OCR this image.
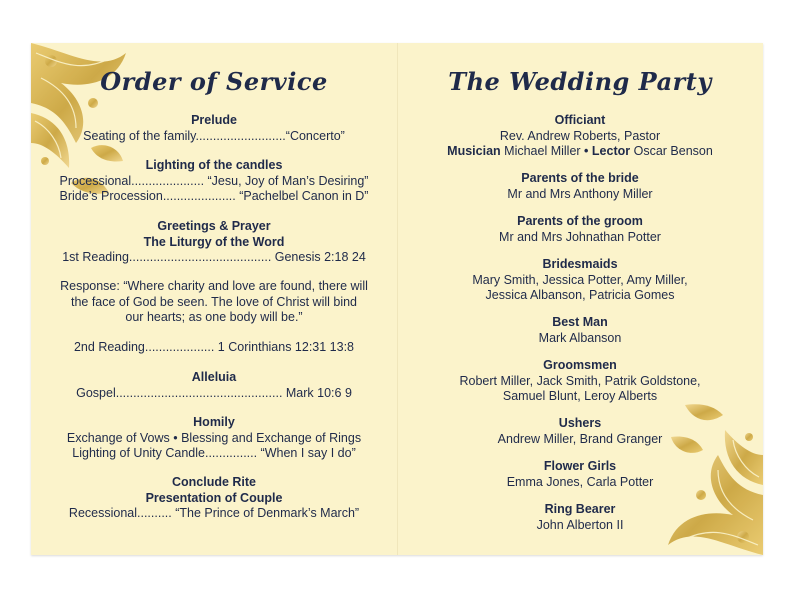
Order of Service
Prelude
Seating of the family..........................“Concerto”
Lighting of the candles
Processional..................... “Jesu, Joy of Man’s Desiring”
Bride’s Procession..................... “Pachelbel Canon in D”
Greetings & Prayer
The Liturgy of the Word
1st Reading......................................... Genesis 2:18 24
Response: “Where charity and love are found, there will
the face of God be seen. The love of Christ will bind
our hearts; as one body will be.”
2nd Reading.................... 1 Corinthians 12:31 13:8
Alleluia
Gospel................................................ Mark 10:6 9
Homily
Exchange of Vows • Blessing and Exchange of Rings
Lighting of Unity Candle............... “When I say I do”
Conclude Rite
Presentation of Couple
Recessional.......... “The Prince of Denmark’s March”
The Wedding Party
Officiant
Rev. Andrew Roberts, Pastor
Musician Michael Miller • Lector Oscar Benson
Parents of the bride
Mr and Mrs Anthony Miller
Parents of the groom
Mr and Mrs Johnathan Potter
Bridesmaids
Mary Smith, Jessica Potter, Amy Miller,
Jessica Albanson, Patricia Gomes
Best Man
Mark Albanson
Groomsmen
Robert Miller, Jack Smith, Patrik Goldstone,
Samuel Blunt, Leroy Alberts
Ushers
Andrew Miller, Brand Granger
Flower Girls
Emma Jones, Carla Potter
Ring Bearer
John Alberton II
